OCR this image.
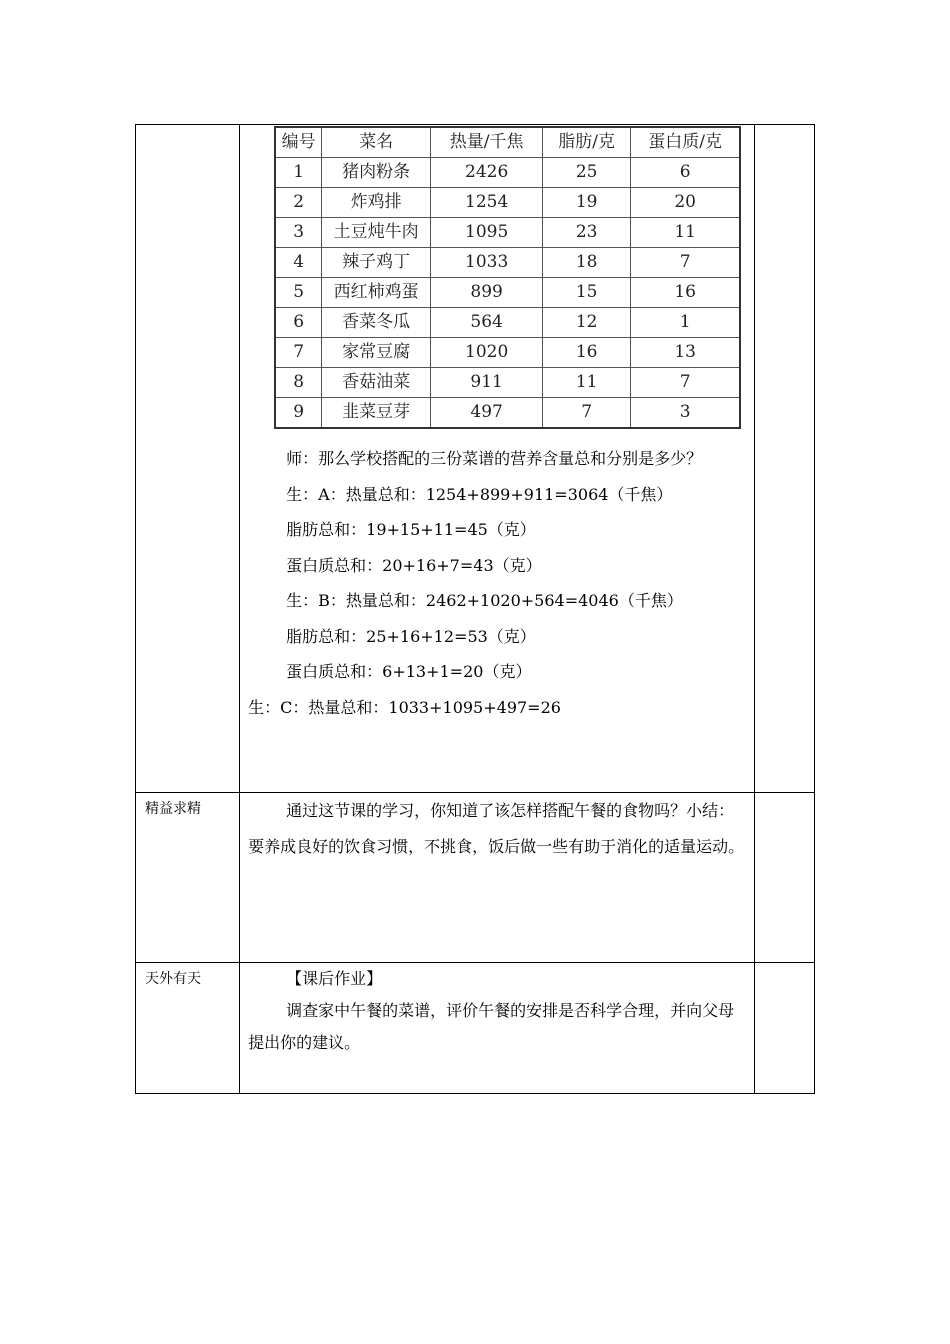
编号	菜名	热量/千焦	脂肪/克	蛋白质/克
1	猪肉粉条	2426	25	6
2	炸鸡排	1254	19	20
3	土豆炖牛肉	1095	23	11
4	辣子鸡丁	1033	18	7
5	西红柿鸡蛋	899	15	16
6	香菜冬瓜	564	12	1
7	家常豆腐	1020	16	13
8	香菇油菜	911	11	7
9	韭菜豆芽	497	7	3

师：那么学校搭配的三份菜谱的营养含量总和分别是多少？

生：A：热量总和：1254+899+911=3064（千焦）

脂肪总和：19+15+11=45（克）

蛋白质总和：20+16+7=43（克）

生：B：热量总和：2462+1020+564=4046（千焦）

脂肪总和：25+16+12=53（克）

蛋白质总和：6+13+1=20（克）

生：C：热量总和：1033+1095+497=26

精益求精	通过这节课的学习，你知道了该怎样搭配午餐的食物吗？小结：要养成良好的饮食习惯，不挑食，饭后做一些有助于消化的适量运动。

天外有天	【课后作业】

调查家中午餐的菜谱，评价午餐的安排是否科学合理，并向父母提出你的建议。
